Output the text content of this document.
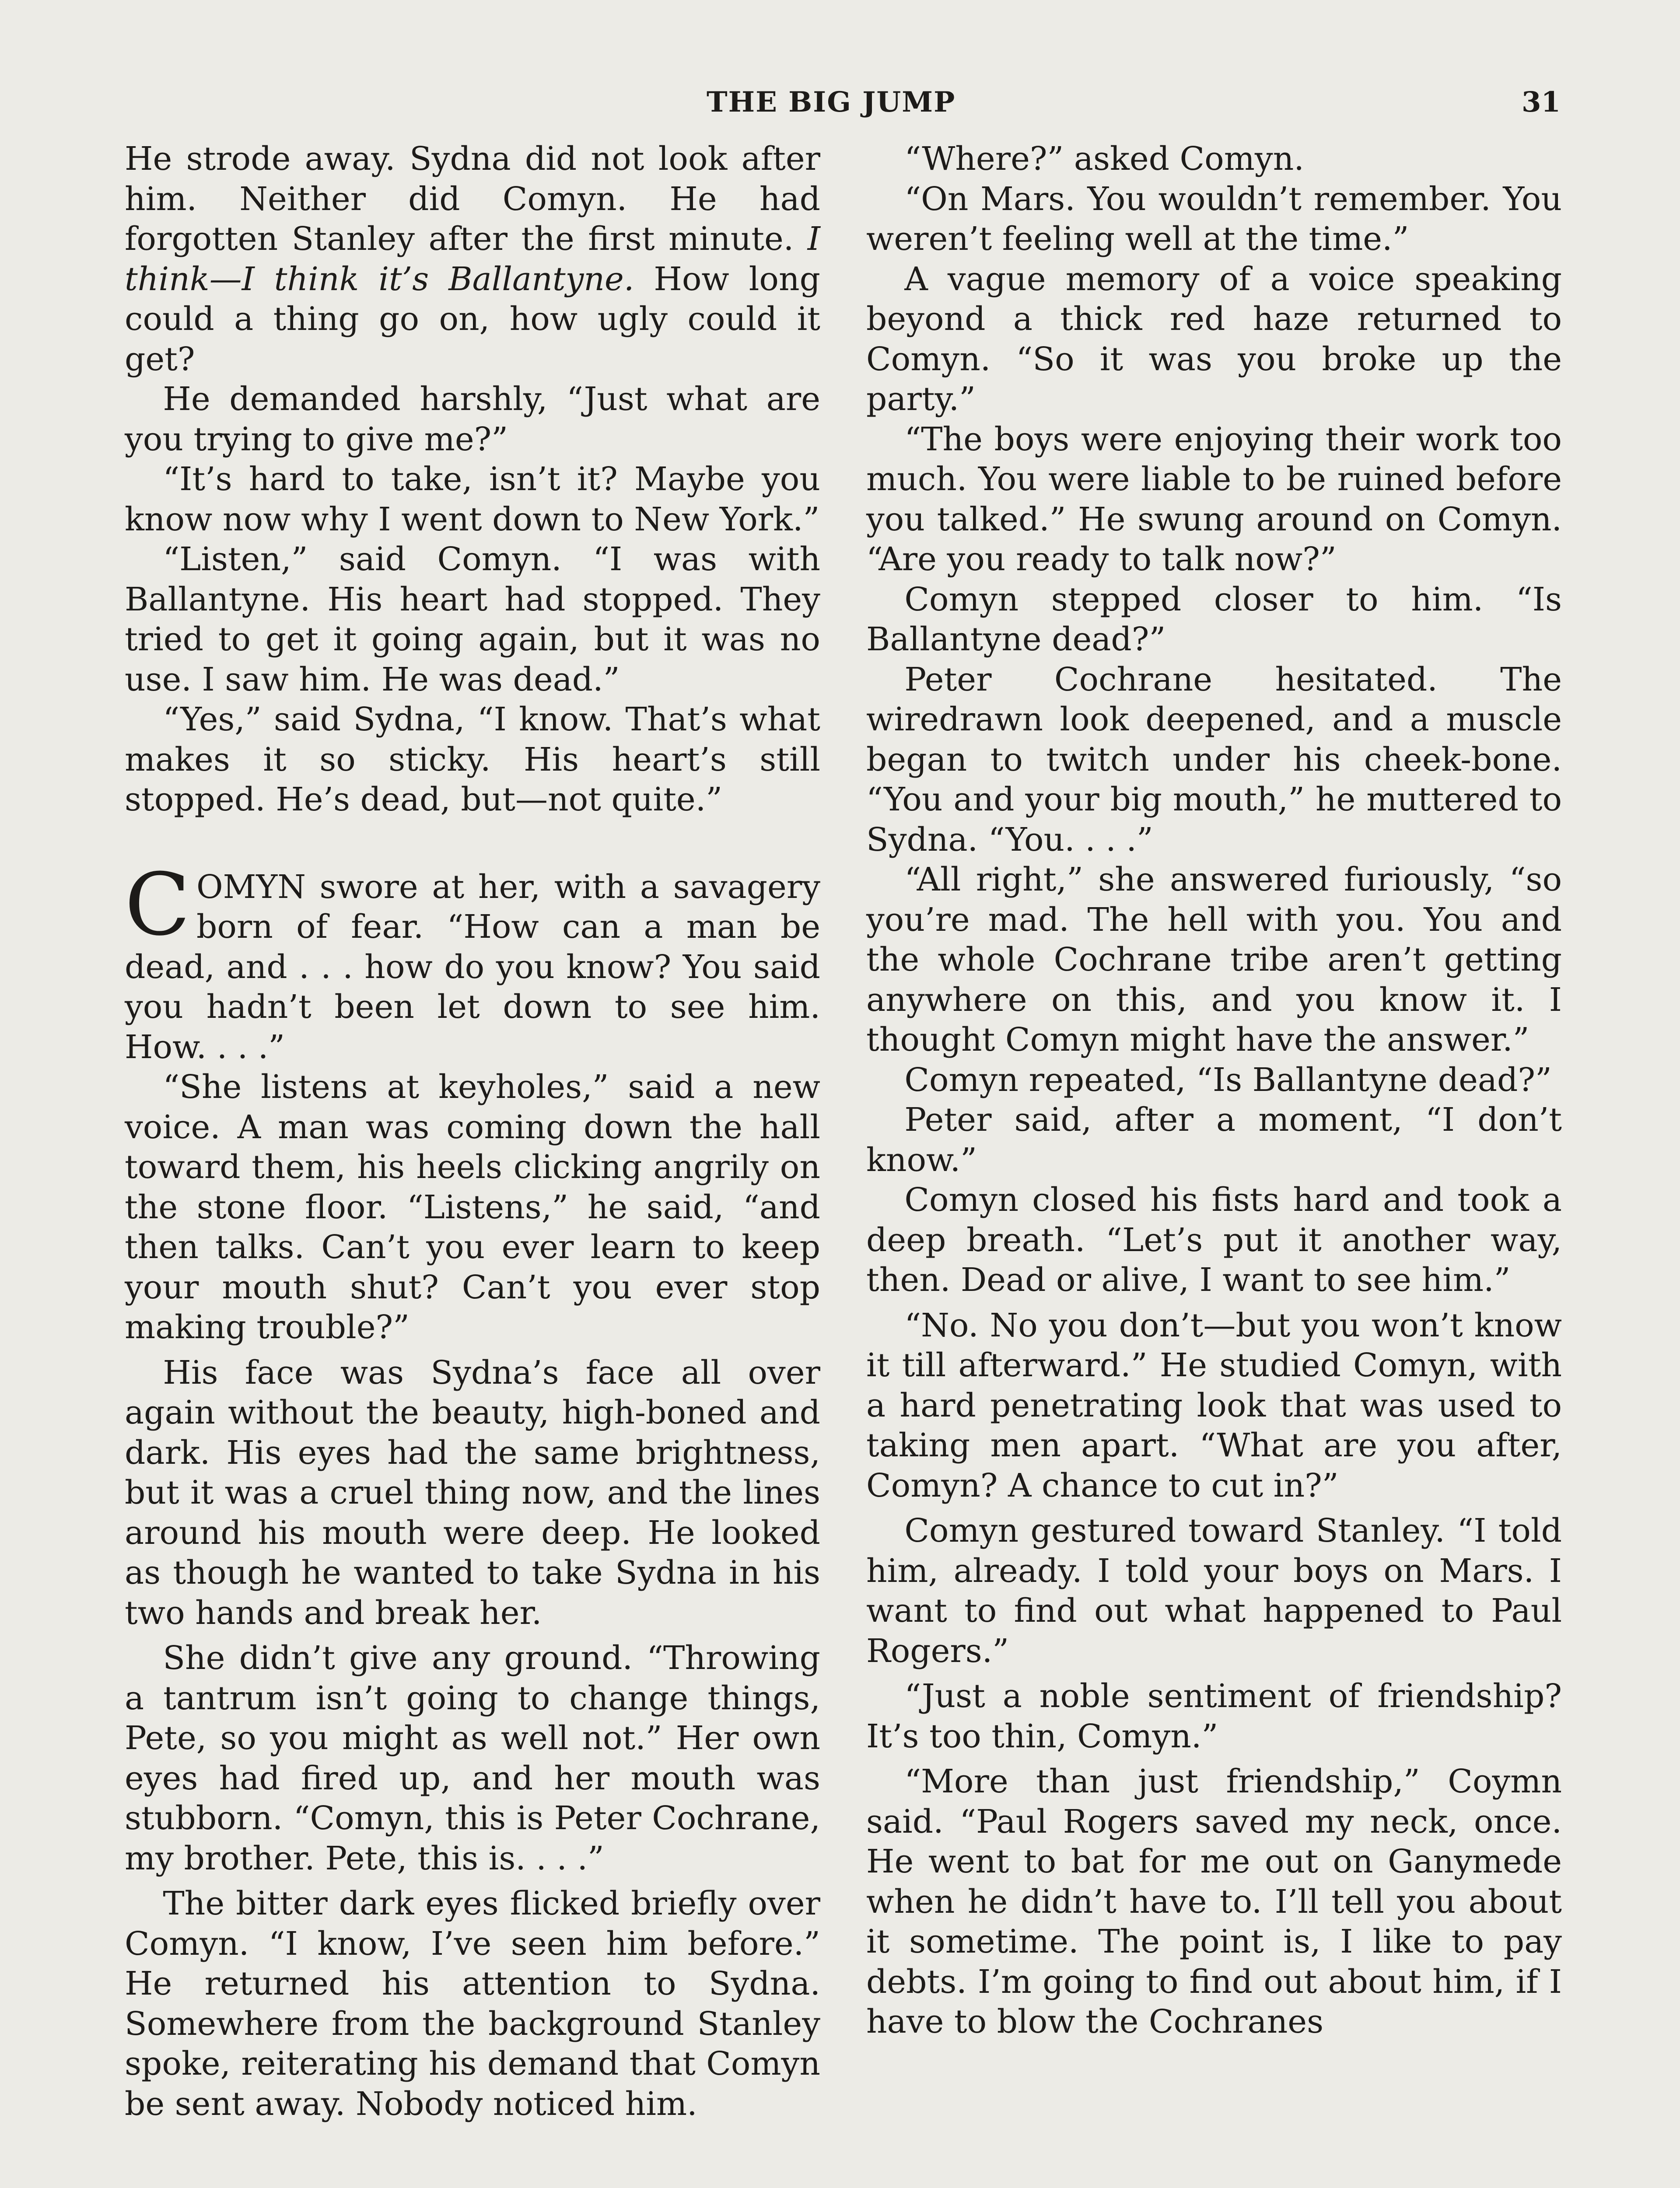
THE BIG JUMP	31

He strode away. Sydna did not look after him. Neither did Comyn. He had forgotten Stanley after the first minute. I think—I think it’s Ballantyne. How long could a thing go on, how ugly could it get?

He demanded harshly, “Just what are you trying to give me?”

“It’s hard to take, isn’t it? Maybe you know now why I went down to New York.”

“Listen,” said Comyn. “I was with Ballantyne. His heart had stopped. They tried to get it going again, but it was no use. I saw him. He was dead.”

“Yes,” said Sydna, “I know. That’s what makes it so sticky. His heart’s still stopped. He’s dead, but—not quite.”

COMYN swore at her, with a savagery born of fear. “How can a man be dead, and . . . how do you know? You said you hadn’t been let down to see him. How. . . .”

“She listens at keyholes,” said a new voice. A man was coming down the hall toward them, his heels clicking angrily on the stone floor. “Listens,” he said, “and then talks. Can’t you ever learn to keep your mouth shut? Can’t you ever stop making trouble?”

His face was Sydna’s face all over again without the beauty, high-boned and dark. His eyes had the same brightness, but it was a cruel thing now, and the lines around his mouth were deep. He looked as though he wanted to take Sydna in his two hands and break her.

She didn’t give any ground. “Throwing a tantrum isn’t going to change things, Pete, so you might as well not.” Her own eyes had fired up, and her mouth was stubborn. “Comyn, this is Peter Cochrane, my brother. Pete, this is. . . .”

The bitter dark eyes flicked briefly over Comyn. “I know, I’ve seen him before.” He returned his attention to Sydna. Somewhere from the background Stanley spoke, reiterating his demand that Comyn be sent away. Nobody noticed him.

“Where?” asked Comyn.

“On Mars. You wouldn’t remember. You weren’t feeling well at the time.”

A vague memory of a voice speaking beyond a thick red haze returned to Comyn. “So it was you broke up the party.”

“The boys were enjoying their work too much. You were liable to be ruined before you talked.” He swung around on Comyn. “Are you ready to talk now?”

Comyn stepped closer to him. “Is Ballantyne dead?”

Peter Cochrane hesitated. The wiredrawn look deepened, and a muscle began to twitch under his cheek-bone. “You and your big mouth,” he muttered to Sydna. “You. . . .”

“All right,” she answered furiously, “so you’re mad. The hell with you. You and the whole Cochrane tribe aren’t getting anywhere on this, and you know it. I thought Comyn might have the answer.”

Comyn repeated, “Is Ballantyne dead?”

Peter said, after a moment, “I don’t know.”

Comyn closed his fists hard and took a deep breath. “Let’s put it another way, then. Dead or alive, I want to see him.”

“No. No you don’t—but you won’t know it till afterward.” He studied Comyn, with a hard penetrating look that was used to taking men apart. “What are you after, Comyn? A chance to cut in?”

Comyn gestured toward Stanley. “I told him, already. I told your boys on Mars. I want to find out what happened to Paul Rogers.”

“Just a noble sentiment of friendship? It’s too thin, Comyn.”

“More than just friendship,” Coymn said. “Paul Rogers saved my neck, once. He went to bat for me out on Ganymede when he didn’t have to. I’ll tell you about it sometime. The point is, I like to pay debts. I’m going to find out about him, if I have to blow the Cochranes
